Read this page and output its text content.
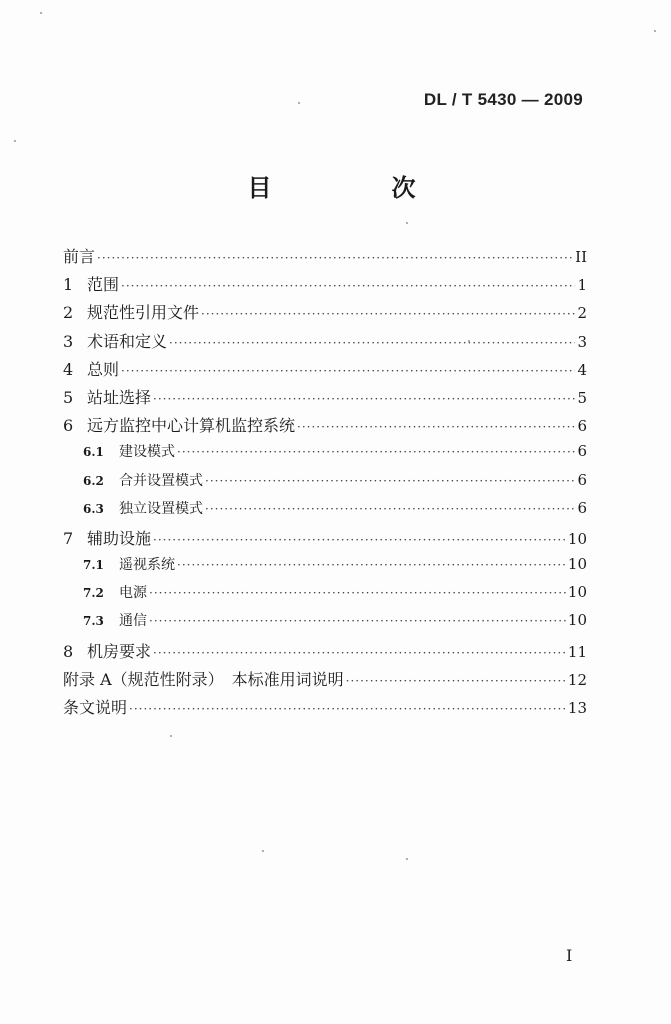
DL / T 5430 — 2009
目　次
前言 ·····	II
1 范围 ·····	1
2 规范性引用文件 ·····	2
3 术语和定义 ·····	3
4 总则 ·····	4
5 站址选择 ·····	5
6 远方监控中心计算机监控系统 ·····	6
6.1	建设模式 ·····	6
6.2	合并设置模式 ·····	6
6.3	独立设置模式 ·····	6
7 辅助设施 ·····	10
7.1	遥视系统 ·····	10
7.2	电源 ·····	10
7.3	通信 ·····	10
8 机房要求 ·····	11
附录 A（规范性附录）　本标准用词说明 ·····	12
条文说明 ·····	13
I
